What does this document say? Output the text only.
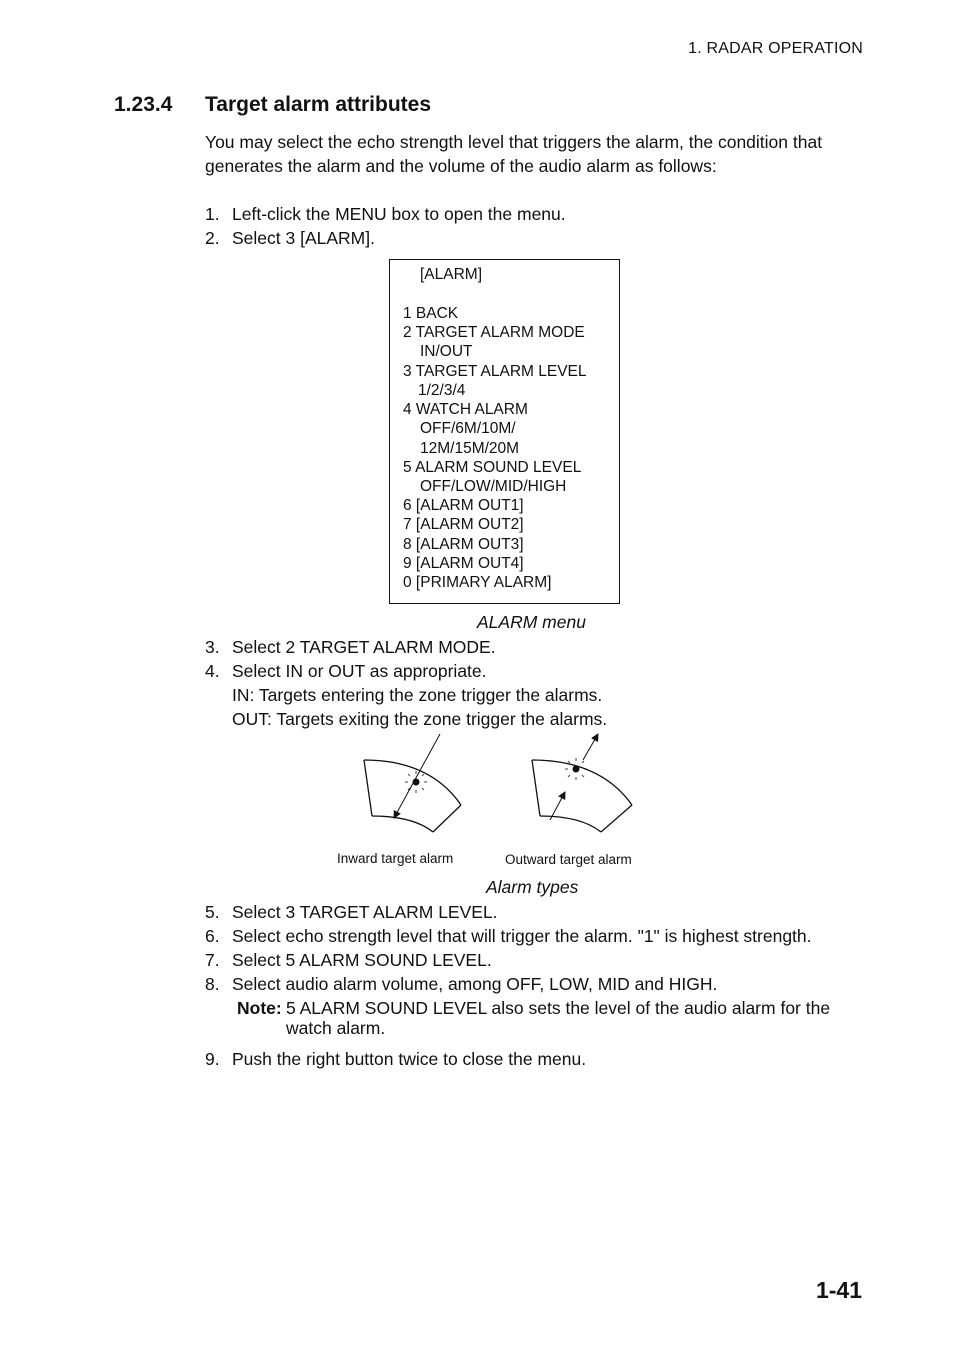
1. RADAR OPERATION
1.23.4 Target alarm attributes
You may select the echo strength level that triggers the alarm, the condition that generates the alarm and the volume of the audio alarm as follows:
1. Left-click the MENU box to open the menu.
2. Select 3 [ALARM].
[ALARM]
1 BACK
2 TARGET ALARM MODE
IN/OUT
3 TARGET ALARM LEVEL
1/2/3/4
4 WATCH ALARM
OFF/6M/10M/
12M/15M/20M
5 ALARM SOUND LEVEL
OFF/LOW/MID/HIGH
6 [ALARM OUT1]
7 [ALARM OUT2]
8 [ALARM OUT3]
9 [ALARM OUT4]
0 [PRIMARY ALARM]
ALARM menu
3. Select 2 TARGET ALARM MODE.
4. Select IN or OUT as appropriate.
IN: Targets entering the zone trigger the alarms.
OUT: Targets exiting the zone trigger the alarms.
Inward target alarm	Outward target alarm
Alarm types
5. Select 3 TARGET ALARM LEVEL.
6. Select echo strength level that will trigger the alarm. "1" is highest strength.
7. Select 5 ALARM SOUND LEVEL.
8. Select audio alarm volume, among OFF, LOW, MID and HIGH.
Note: 5 ALARM SOUND LEVEL also sets the level of the audio alarm for the watch alarm.
9. Push the right button twice to close the menu.
1-41
